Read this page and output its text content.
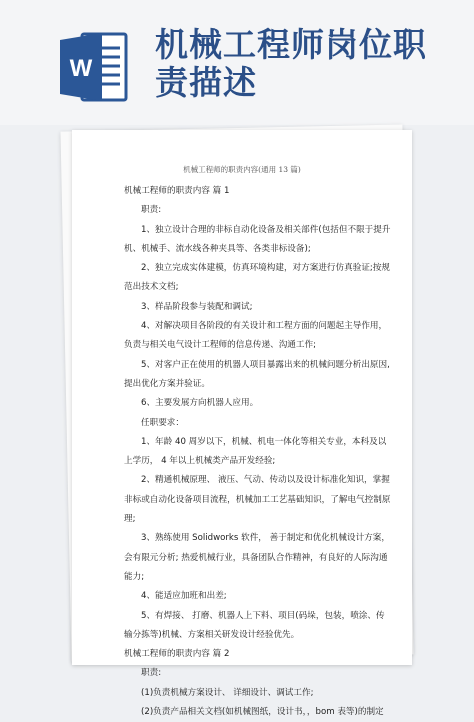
W
机械工程师岗位职
责描述
机械工程师的职责内容(通用 13 篇)

机械工程师的职责内容 篇 1

职责:

1、独立设计合理的非标自动化设备及相关部件(包括但不限于提升机、机械手、流水线各种夹具等、各类非标设备);

2、独立完成实体建模，仿真环境构建，对方案进行仿真验证;按规范出技术文档;

3、样品阶段参与装配和调试;

4、对解决项目各阶段的有关设计和工程方面的问题起主导作用，负责与相关电气设计工程师的信息传递、沟通工作;

5、对客户正在使用的机器人项目暴露出来的机械问题分析出原因,提出优化方案并验证。

6、主要发展方向机器人应用。

任职要求：

1、年龄 40 周岁以下，机械、机电一体化等相关专业，本科及以上学历， 4 年以上机械类产品开发经验;

2、精通机械原理、 液压、气动、传动以及设计标准化知识，掌握非标或自动化设备项目流程，机械加工工艺基础知识，了解电气控制原理;

3、熟练使用 Solidworks 软件， 善于制定和优化机械设计方案，会有限元分析; 热爱机械行业，具备团队合作精神，有良好的人际沟通能力;

4、能适应加班和出差;

5、有焊接、 打磨、机器人上下料、项目(码垛，包装，喷涂、传输分拣等)机械、方案相关研发设计经验优先。

机械工程师的职责内容 篇 2

职责:

(1)负责机械方案设计、 详细设计、调试工作;

(2)负责产品相关文档(如机械图纸，设计书，，bom 表等)的制定
